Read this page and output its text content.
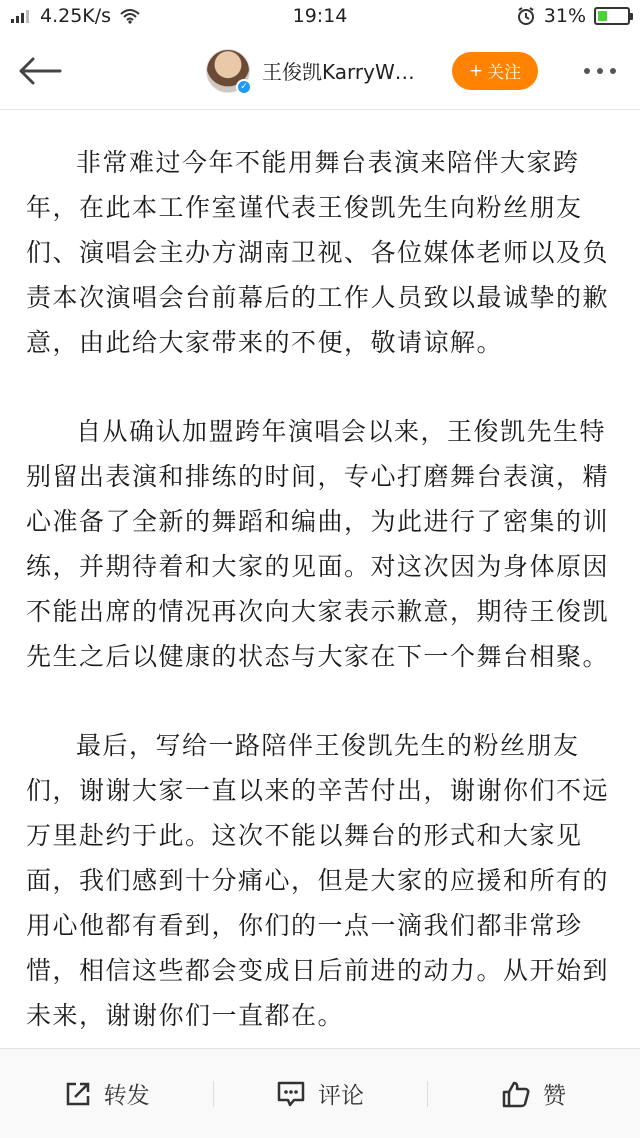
4.25K/s	19:14	31%
✓
王俊凯KarryW…	+ 关注

非常难过今年不能用舞台表演来陪伴大家跨年，在此本工作室谨代表王俊凯先生向粉丝朋友们、演唱会主办方湖南卫视、各位媒体老师以及负责本次演唱会台前幕后的工作人员致以最诚挚的歉意，由此给大家带来的不便，敬请谅解。

自从确认加盟跨年演唱会以来，王俊凯先生特别留出表演和排练的时间，专心打磨舞台表演，精心准备了全新的舞蹈和编曲，为此进行了密集的训练，并期待着和大家的见面。对这次因为身体原因不能出席的情况再次向大家表示歉意，期待王俊凯先生之后以健康的状态与大家在下一个舞台相聚。

最后，写给一路陪伴王俊凯先生的粉丝朋友们，谢谢大家一直以来的辛苦付出，谢谢你们不远万里赴约于此。这次不能以舞台的形式和大家见面，我们感到十分痛心，但是大家的应援和所有的用心他都有看到，你们的一点一滴我们都非常珍惜，相信这些都会变成日后前进的动力。从开始到未来，谢谢你们一直都在。

转发	评论	赞
